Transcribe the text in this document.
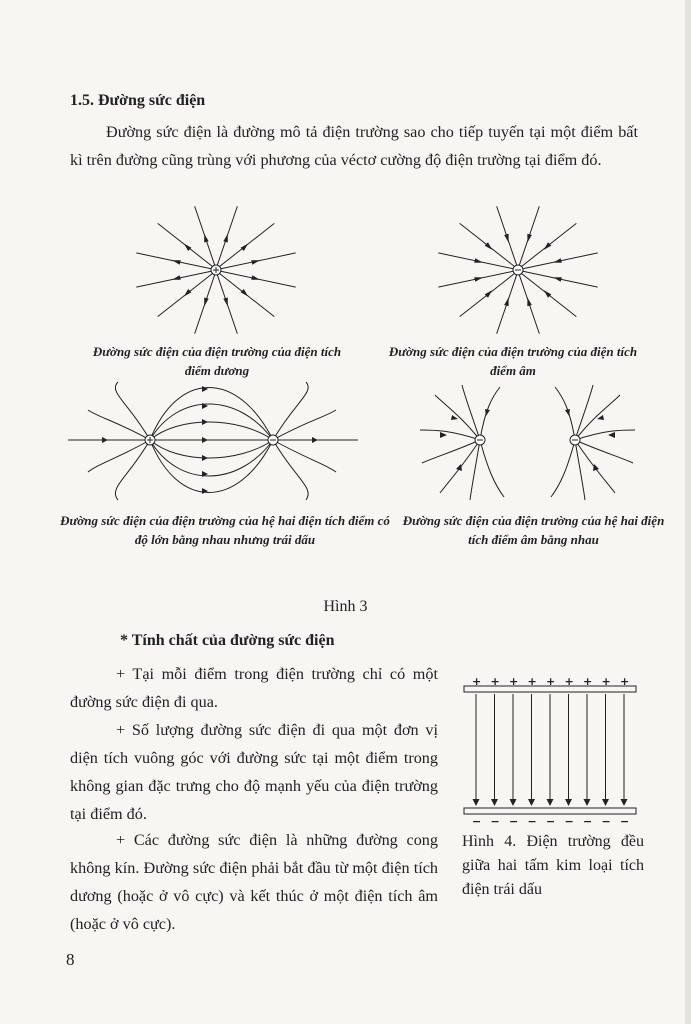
1.5. Đường sức điện

Đường sức điện là đường mô tả điện trường sao cho tiếp tuyến tại một điểm bất kì trên đường cũng trùng với phương của véctơ cường độ điện trường tại điểm đó.

Đường sức điện của điện trường của điện tích điểm dương
Đường sức điện của điện trường của điện tích điểm âm
Đường sức điện của điện trường của hệ hai điện tích điểm có độ lớn bằng nhau nhưng trái dấu
Đường sức điện của điện trường của hệ hai điện tích điểm âm bằng nhau
Hình 3
* Tính chất của đường sức điện

+ Tại mỗi điểm trong điện trường chỉ có một đường sức điện đi qua.

+ Số lượng đường sức điện đi qua một đơn vị diện tích vuông góc với đường sức tại một điểm trong không gian đặc trưng cho độ mạnh yếu của điện trường tại điểm đó.

+ Các đường sức điện là những đường cong không kín. Đường sức điện phải bắt đầu từ một điện tích dương (hoặc ở vô cực) và kết thúc ở một điện tích âm (hoặc ở vô cực).

+ + + + + + + + +
− − − − − − − − −

Hình 4. Điện trường đều giữa hai tấm kim loại tích điện trái dấu

8
